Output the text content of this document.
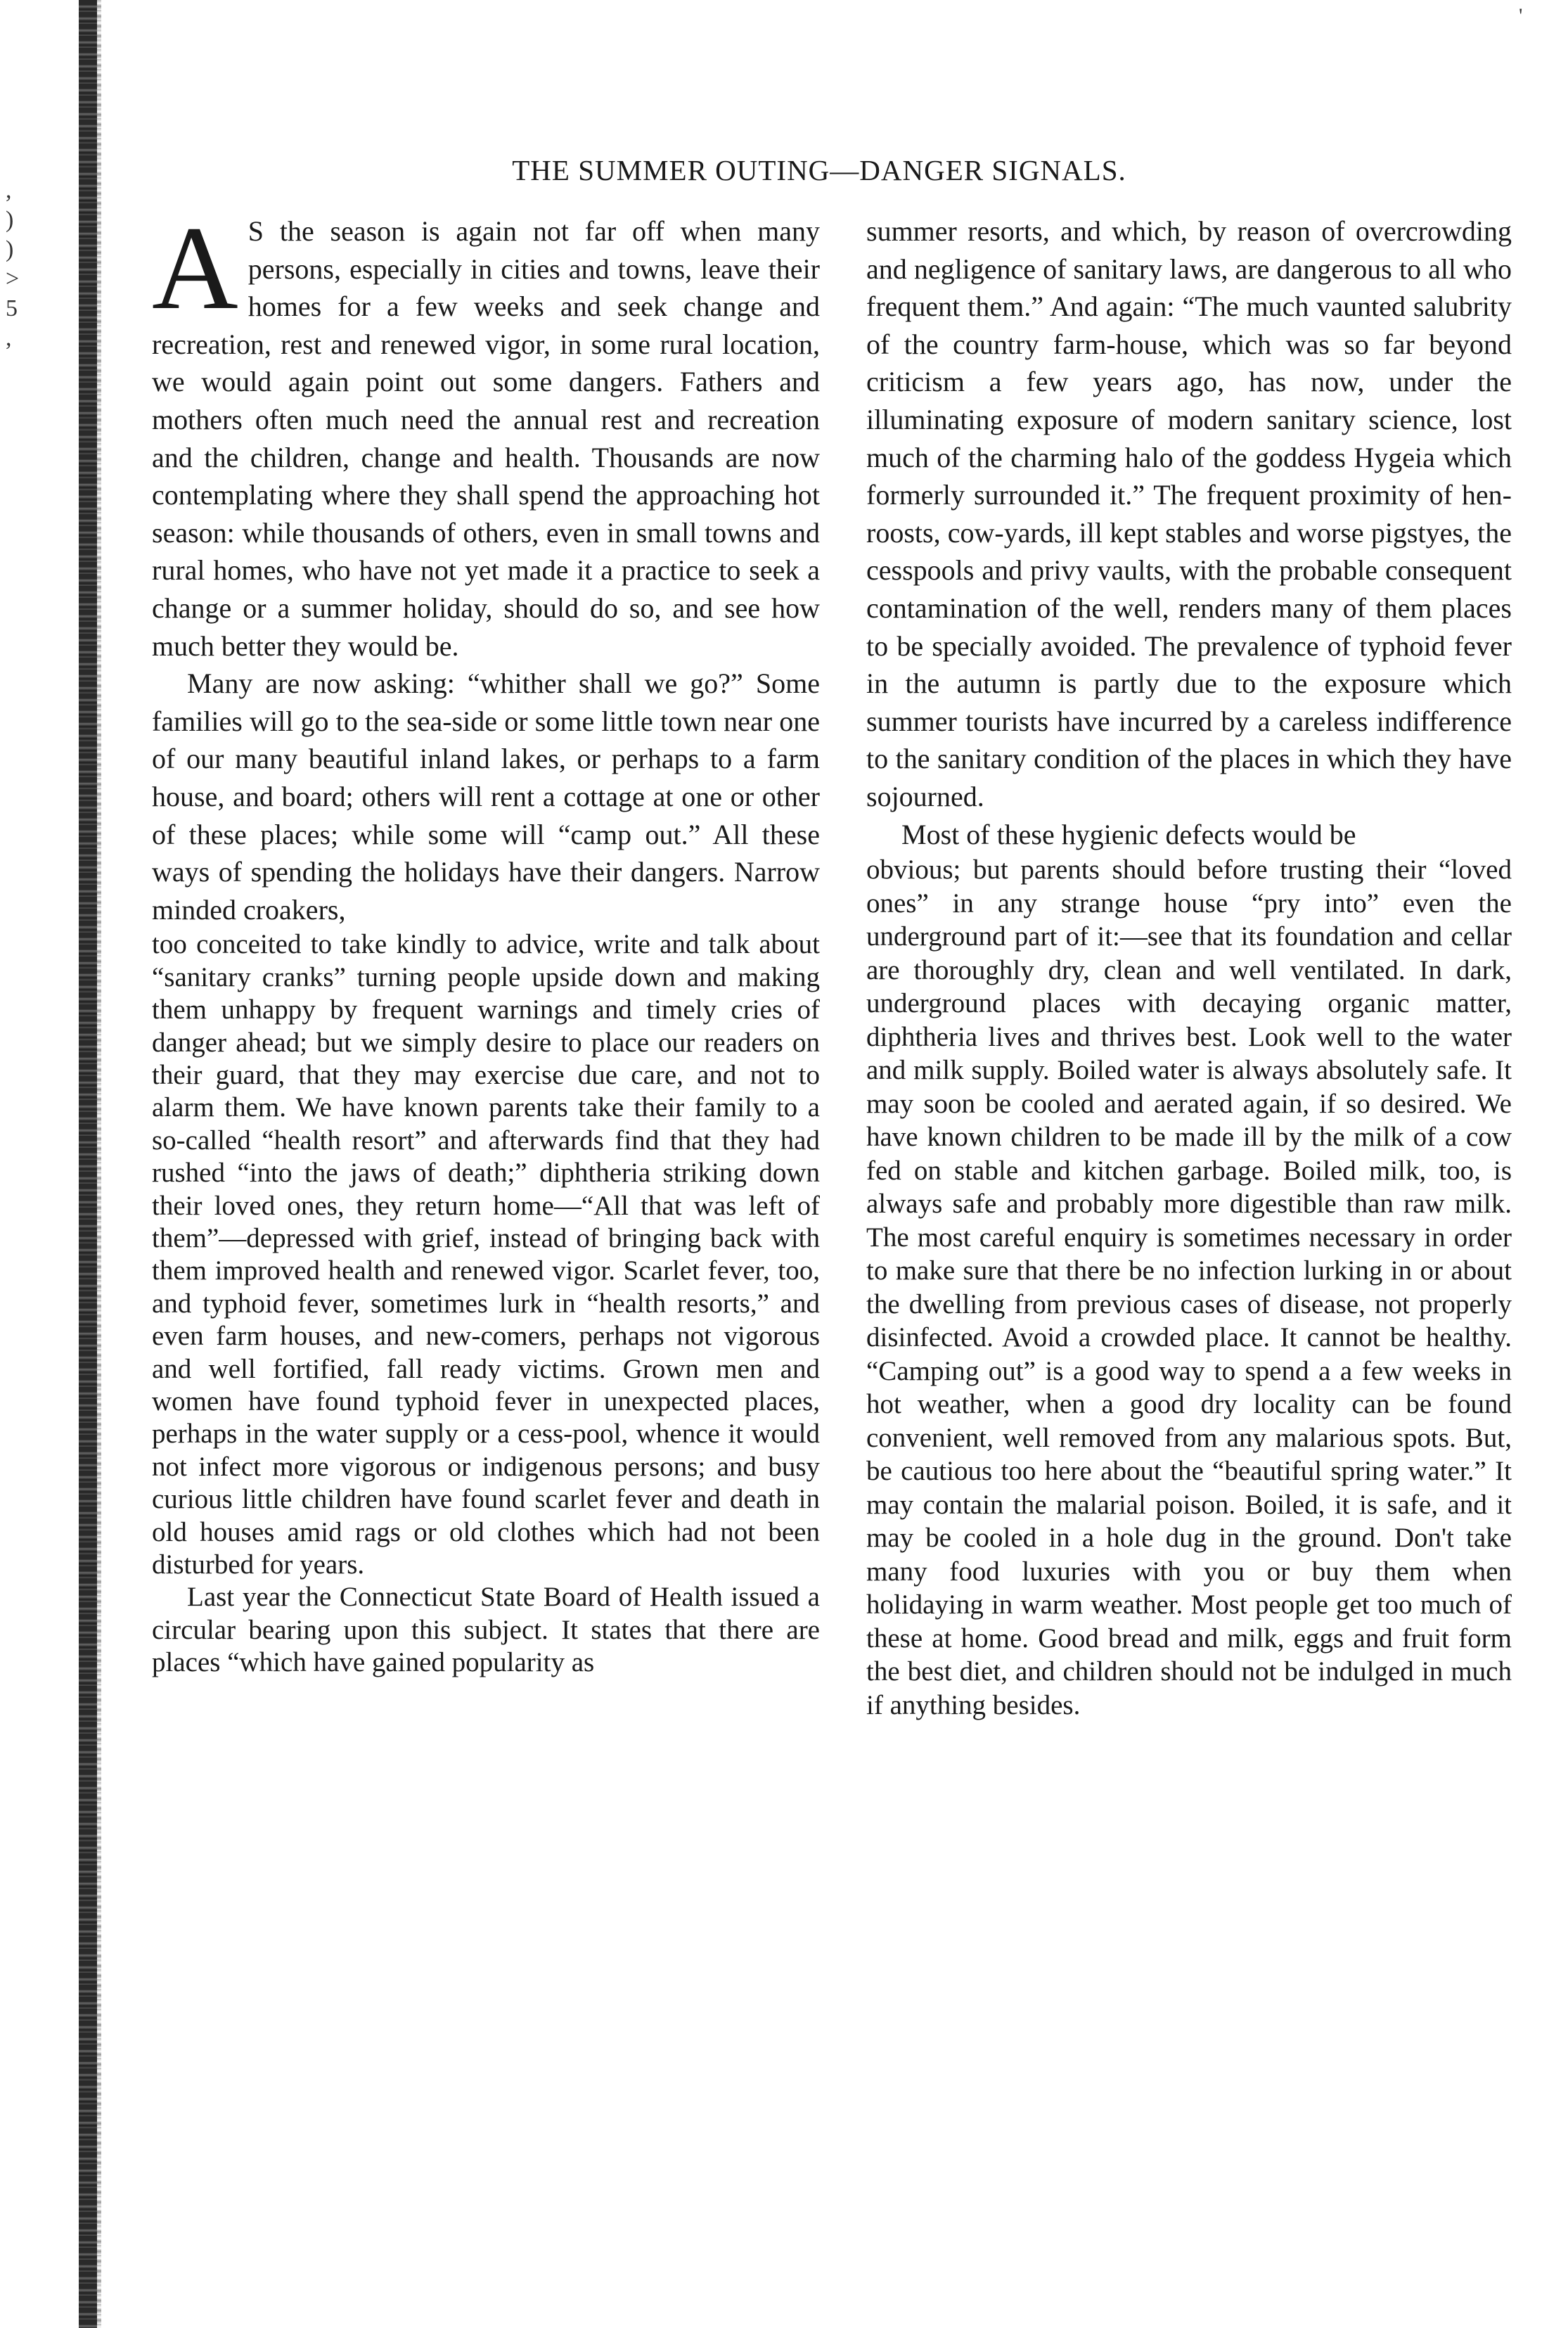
,
)
)
>
5
,
'
THE SUMMER OUTING—DANGER SIGNALS.

A S the season is again not far off when many persons, especially in cities and towns, leave their homes for a few weeks and seek change and recreation, rest and renewed vigor, in some rural location, we would again point out some dangers. Fathers and mothers often much need the annual rest and recreation and the children, change and health. Thousands are now contemplating where they shall spend the approaching hot season: while thousands of others, even in small towns and rural homes, who have not yet made it a practice to seek a change or a summer holiday, should do so, and see how much better they would be.

Many are now asking: “whither shall we go?” Some families will go to the sea-side or some little town near one of our many beautiful inland lakes, or perhaps to a farm house, and board; others will rent a cottage at one or other of these places; while some will “camp out.” All these ways of spending the holidays have their dangers. Narrow minded croakers,

too conceited to take kindly to advice, write and talk about “sanitary cranks” turning people upside down and making them unhappy by frequent warnings and timely cries of danger ahead; but we simply desire to place our readers on their guard, that they may exercise due care, and not to alarm them. We have known parents take their family to a so-called “health resort” and afterwards find that they had rushed “into the jaws of death;” diphtheria striking down their loved ones, they return home—“All that was left of them”—depressed with grief, instead of bringing back with them improved health and renewed vigor. Scarlet fever, too, and typhoid fever, sometimes lurk in “health resorts,” and even farm houses, and new-comers, perhaps not vigorous and well fortified, fall ready victims. Grown men and women have found typhoid fever in unexpected places, perhaps in the water supply or a cess-pool, whence it would not infect more vigorous or indigenous persons; and busy curious little children have found scarlet fever and death in old houses amid rags or old clothes which had not been disturbed for years.

Last year the Connecticut State Board of Health issued a circular bearing upon this subject. It states that there are places “which have gained popularity as

summer resorts, and which, by reason of overcrowding and negligence of sanitary laws, are dangerous to all who frequent them.” And again: “The much vaunted salubrity of the country farm-house, which was so far beyond criticism a few years ago, has now, under the illuminating exposure of modern sanitary science, lost much of the charming halo of the goddess Hygeia which formerly surrounded it.” The frequent proximity of hen-roosts, cow-yards, ill kept stables and worse pigstyes, the cesspools and privy vaults, with the probable consequent contamination of the well, renders many of them places to be specially avoided. The prevalence of typhoid fever in the autumn is partly due to the exposure which summer tourists have incurred by a careless indifference to the sanitary condition of the places in which they have sojourned.

Most of these hygienic defects would be

obvious; but parents should before trusting their “loved ones” in any strange house “pry into” even the underground part of it:—see that its foundation and cellar are thoroughly dry, clean and well ventilated. In dark, underground places with decaying organic matter, diphtheria lives and thrives best. Look well to the water and milk supply. Boiled water is always absolutely safe. It may soon be cooled and aerated again, if so desired. We have known children to be made ill by the milk of a cow fed on stable and kitchen garbage. Boiled milk, too, is always safe and probably more digestible than raw milk. The most careful enquiry is sometimes necessary in order to make sure that there be no infection lurking in or about the dwelling from previous cases of disease, not properly disinfected. Avoid a crowded place. It cannot be healthy. “Camping out” is a good way to spend a a few weeks in hot weather, when a good dry locality can be found convenient, well removed from any malarious spots. But, be cautious too here about the “beautiful spring water.” It may contain the malarial poison. Boiled, it is safe, and it may be cooled in a hole dug in the ground. Don't take many food luxuries with you or buy them when holidaying in warm weather. Most people get too much of these at home. Good bread and milk, eggs and fruit form the best diet, and children should not be indulged in much if anything besides.
